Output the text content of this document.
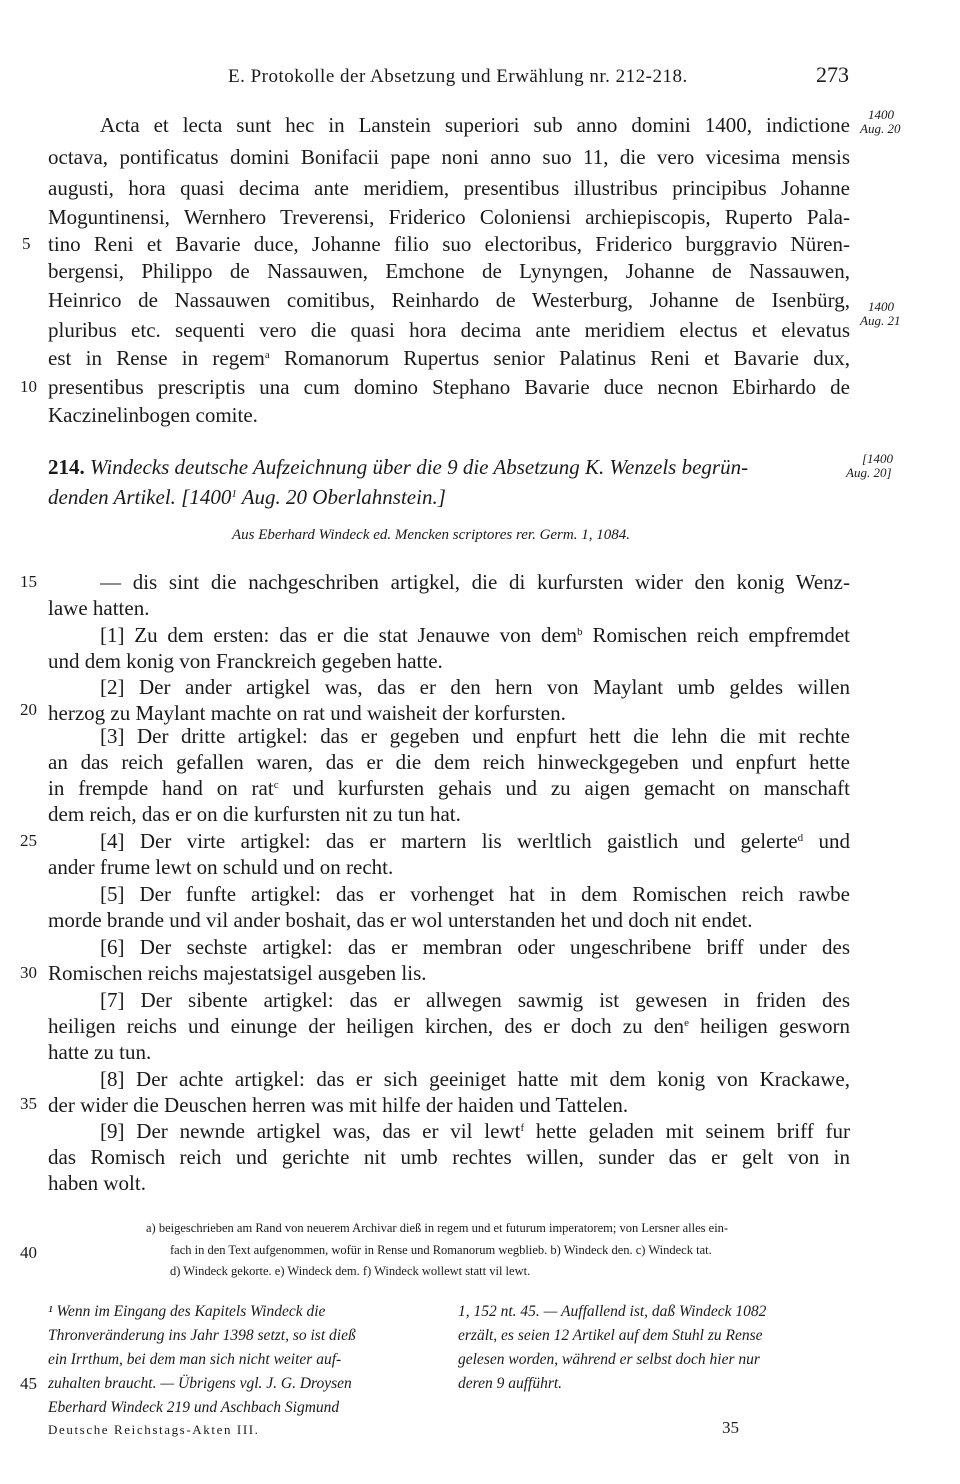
E. Protokolle der Absetzung und Erwählung nr. 212-218.	273
Acta et lecta sunt hec in Lanstein superiori sub anno domini 1400, indictione
octava, pontificatus domini Bonifacii pape noni anno suo 11, die vero vicesima mensis
augusti, hora quasi decima ante meridiem, presentibus illustribus principibus Johanne
Moguntinensi, Wernhero Treverensi, Friderico Coloniensi archiepiscopis, Ruperto Pala-
tino Reni et Bavarie duce, Johanne filio suo electoribus, Friderico burggravio Nüren-
bergensi, Philippo de Nassauwen, Emchone de Lynyngen, Johanne de Nassauwen,
Heinrico de Nassauwen comitibus, Reinhardo de Westerburg, Johanne de Isenbürg,
pluribus etc. sequenti vero die quasi hora decima ante meridiem electus et elevatus
est in Rense in regem$^a$ Romanorum Rupertus senior Palatinus Reni et Bavarie dux,
presentibus prescriptis una cum domino Stephano Bavarie duce necnon Ebirhardo de
Kaczinelinbogen comite.
1400
Aug. 20
1400
Aug. 21
[1400
Aug. 20]
5
10
15
20
25
30
35
40
45
214. Windecks deutsche Aufzeichnung über die 9 die Absetzung K. Wenzels begrün-
denden Artikel. [1400$^1$ Aug. 20 Oberlahnstein.]
Aus Eberhard Windeck ed. Mencken scriptores rer. Germ. 1, 1084.
— dis sint die nachgeschriben artigkel, die di kurfursten wider den konig Wenz-
lawe hatten.
[1] Zu dem ersten: das er die stat Jenauwe von dem$^b$ Romischen reich empfremdet
und dem konig von Franckreich gegeben hatte.
[2] Der ander artigkel was, das er den hern von Maylant umb geldes willen
herzog zu Maylant machte on rat und waisheit der korfursten.
[3] Der dritte artigkel: das er gegeben und enpfurt hett die lehn die mit rechte
an das reich gefallen waren, das er die dem reich hinweckgegeben und enpfurt hette
in frempde hand on rat$^c$ und kurfursten gehais und zu aigen gemacht on manschaft
dem reich, das er on die kurfursten nit zu tun hat.
[4] Der virte artigkel: das er martern lis werltlich gaistlich und gelerte$^d$ und
ander frume lewt on schuld und on recht.
[5] Der funfte artigkel: das er vorhenget hat in dem Romischen reich rawbe
morde brande und vil ander boshait, das er wol unterstanden het und doch nit endet.
[6] Der sechste artigkel: das er membran oder ungeschribene briff under des
Romischen reichs majestatsigel ausgeben lis.
[7] Der sibente artigkel: das er allwegen sawmig ist gewesen in friden des
heiligen reichs und einunge der heiligen kirchen, des er doch zu den$^e$ heiligen gesworn
hatte zu tun.
[8] Der achte artigkel: das er sich geeiniget hatte mit dem konig von Krackawe,
der wider die Deuschen herren was mit hilfe der haiden und Tattelen.
[9] Der newnde artigkel was, das er vil lewt$^f$ hette geladen mit seinem briff fur
das Romisch reich und gerichte nit umb rechtes willen, sunder das er gelt von in
haben wolt.
a) beigeschrieben am Rand von neuerem Archivar dieß in regem und et futurum imperatorem; von Lersner alles ein-
fach in den Text aufgenommen, wofür in Rense und Romanorum wegblieb. b) Windeck den. c) Windeck tat.
d) Windeck gekorte. e) Windeck dem. f) Windeck wollewt statt vil lewt.
¹ Wenn im Eingang des Kapitels Windeck die
Thronveränderung ins Jahr 1398 setzt, so ist dieß
ein Irrthum, bei dem man sich nicht weiter auf-
zuhalten braucht. — Übrigens vgl. J. G. Droysen
Eberhard Windeck 219 und Aschbach Sigmund
1, 152 nt. 45. — Auffallend ist, daß Windeck 1082
erzält, es seien 12 Artikel auf dem Stuhl zu Rense
gelesen worden, während er selbst doch hier nur
deren 9 aufführt.
Deutsche Reichstags-Akten III.	35
